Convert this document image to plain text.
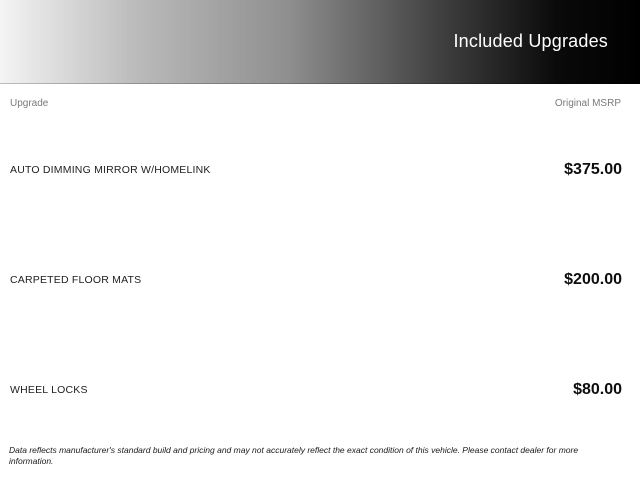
Included Upgrades
Upgrade	Original MSRP
AUTO DIMMING MIRROR W/HOMELINK	$375.00
CARPETED FLOOR MATS	$200.00
WHEEL LOCKS	$80.00
Data reflects manufacturer's standard build and pricing and may not accurately reflect the exact condition of this vehicle. Please contact dealer for more information.
